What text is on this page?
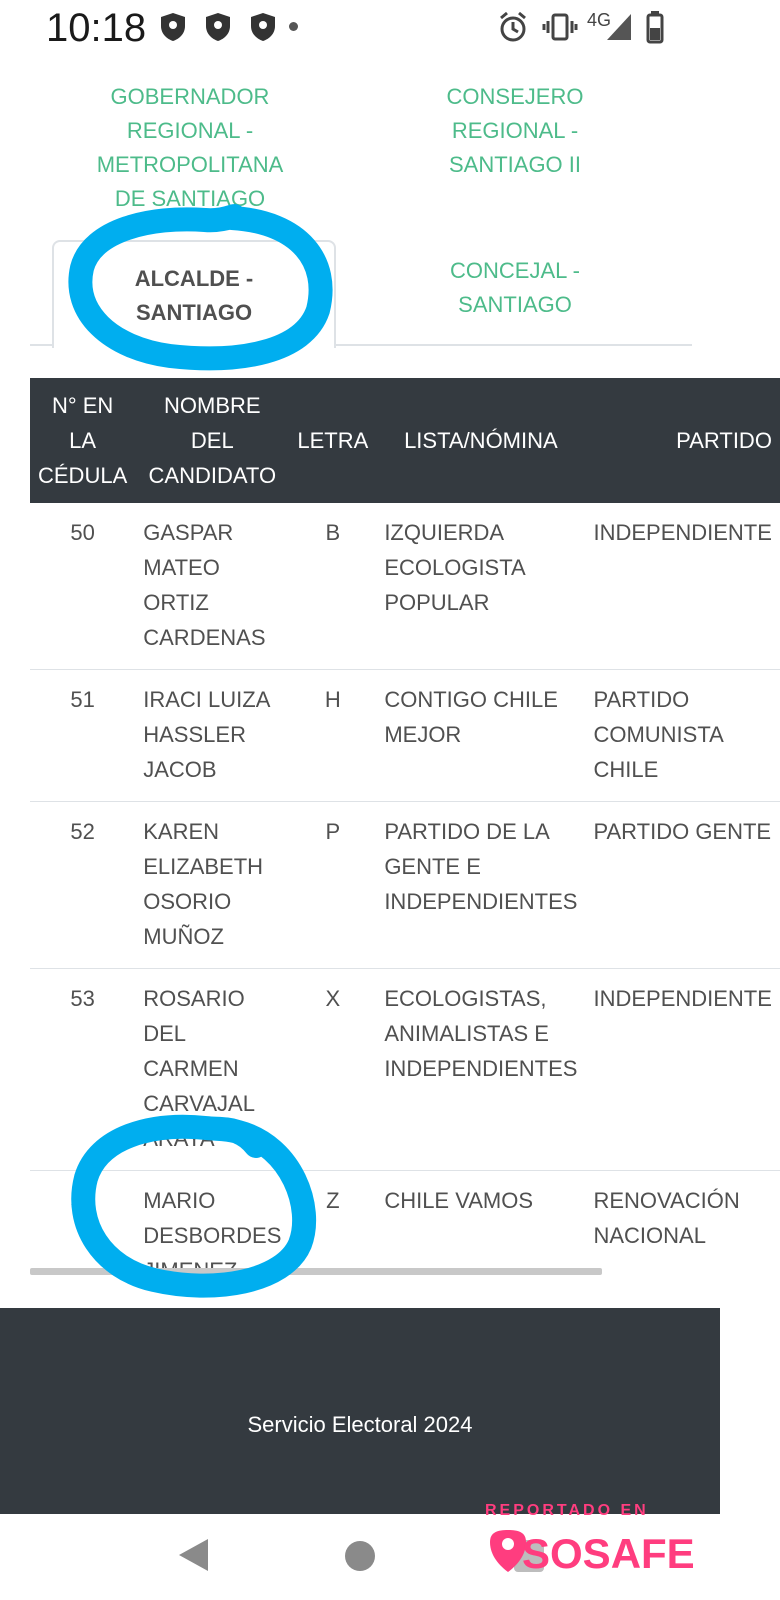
10:18	4G
GOBERNADOR REGIONAL - METROPOLITANA DE SANTIAGO
CONSEJERO REGIONAL - SANTIAGO II
ALCALDE - SANTIAGO
CONCEJAL - SANTIAGO
N° EN LA CÉDULA	NOMBRE DEL CANDIDATO	LETRA	LISTA/NÓMINA	PARTIDO
50	GASPAR MATEO ORTIZ CARDENAS	B	IZQUIERDA ECOLOGISTA POPULAR	INDEPENDIENTE
51	IRACI LUIZA HASSLER JACOB	H	CONTIGO CHILE MEJOR	PARTIDO COMUNISTA CHILE
52	KAREN ELIZABETH OSORIO MUÑOZ	P	PARTIDO DE LA GENTE E INDEPENDIENTES	PARTIDO GENTE
53	ROSARIO DEL CARMEN CARVAJAL ARAYA	X	ECOLOGISTAS, ANIMALISTAS E INDEPENDIENTES	INDEPENDIENTE
54	MARIO DESBORDES	Z	CHILE VAMOS	RENOVACIÓN NACIONAL
Servicio Electoral 2024
REPORTADO EN
SOSAFE
